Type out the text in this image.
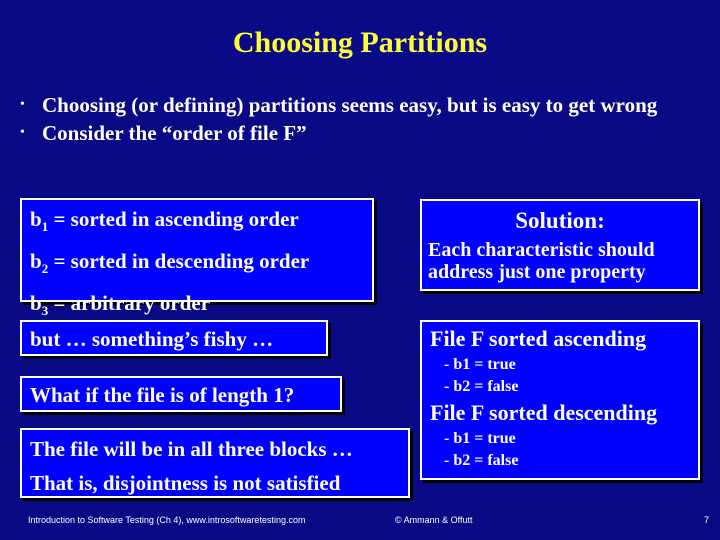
Choosing Partitions
• Choosing (or defining) partitions seems easy, but is easy to get wrong
• Consider the “order of file F”
$b_1$ = sorted in ascending order
$b_2$ = sorted in descending order
$b_3$ = arbitrary order
but … something’s fishy …
What if the file is of length 1?
The file will be in all three blocks …
That is, disjointness is not satisfied
Solution:
Each characteristic should address just one property
File F sorted ascending
- b1 = true
- b2 = false
File F sorted descending
- b1 = true
- b2 = false
Introduction to Software Testing (Ch 4), www.introsoftwaretesting.com	© Ammann & Offutt	7
